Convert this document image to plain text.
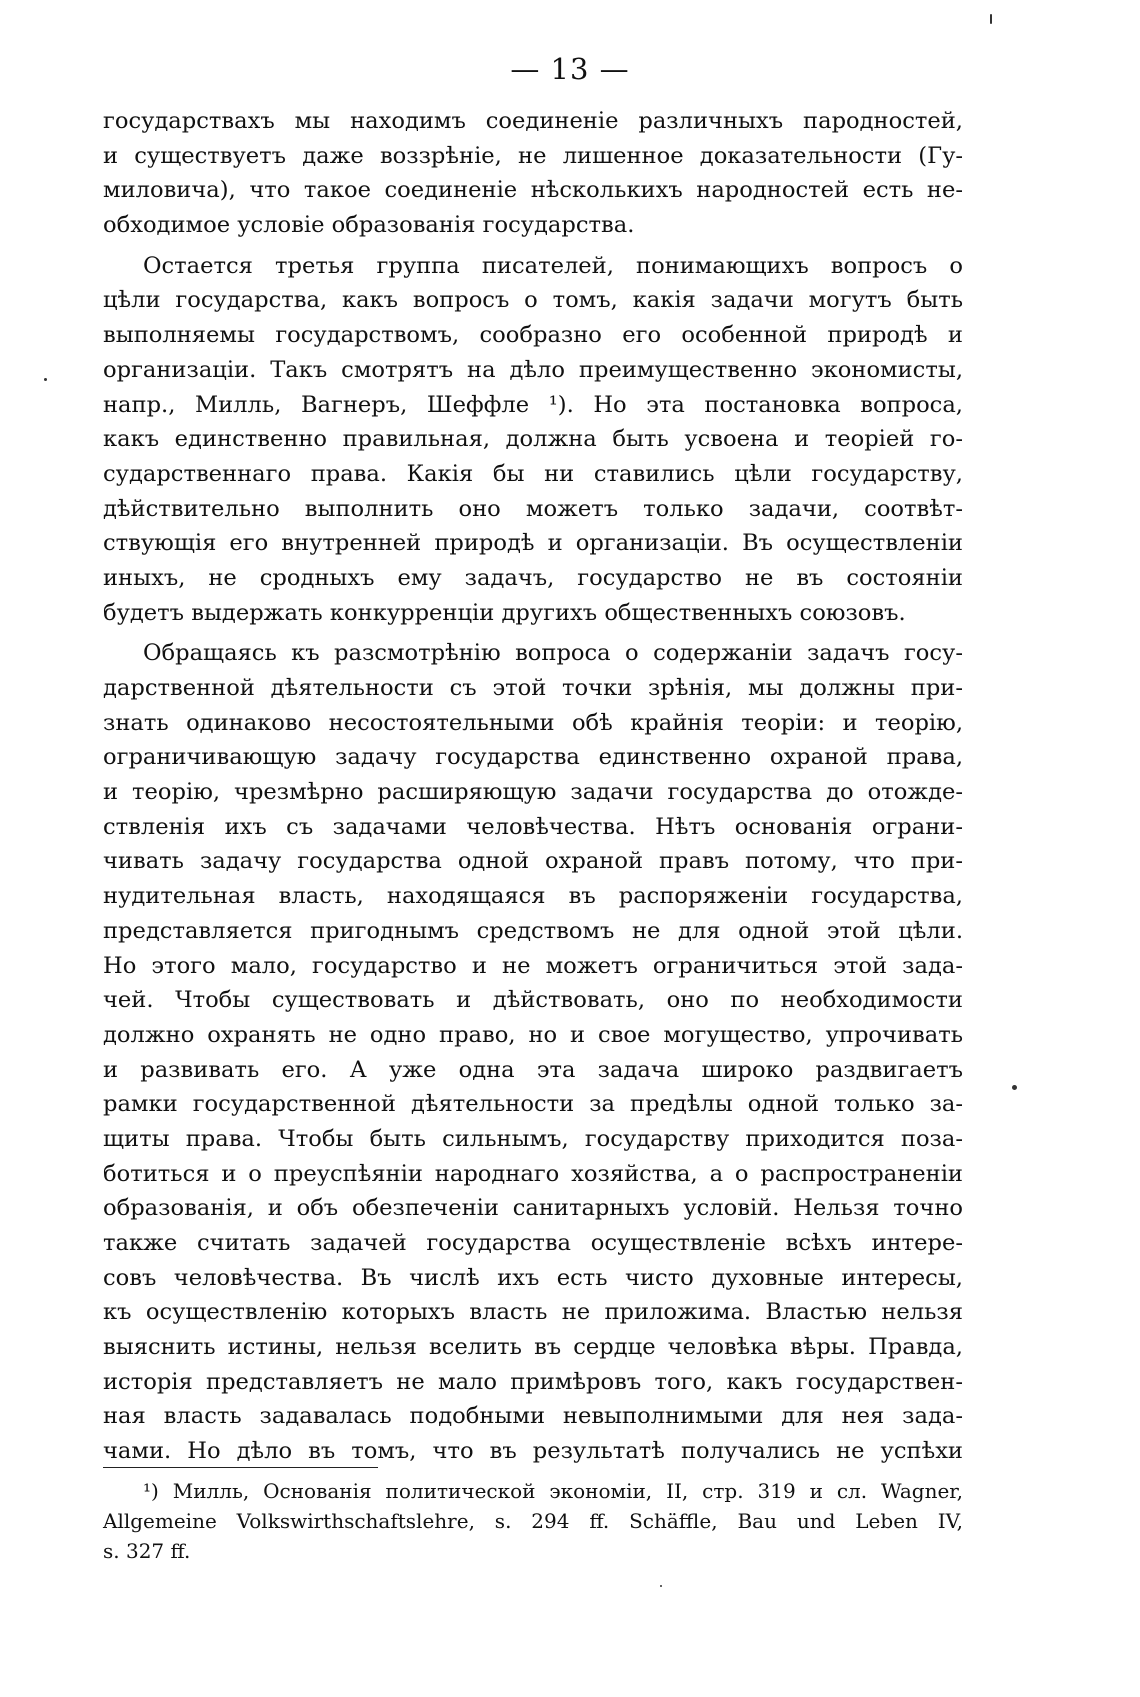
— 13 —
государствахъ мы находимъ соединеніе различныхъ пародностей,
и существуетъ даже воззрѣніе, не лишенное доказательности (Гу-
миловича), что такое соединеніе нѣсколькихъ народностей есть не-
обходимое условіе образованія государства.
Остается третья группа писателей, понимающихъ вопросъ о
цѣли государства, какъ вопросъ о томъ, какія задачи могутъ быть
выполняемы государствомъ, сообразно его особенной природѣ и
организаціи. Такъ смотрятъ на дѣло преимущественно экономисты,
напр., Милль, Вагнеръ, Шеффле ¹). Но эта постановка вопроса,
какъ единственно правильная, должна быть усвоена и теоріей го-
сударственнаго права. Какія бы ни ставились цѣли государству,
дѣйствительно выполнить оно можетъ только задачи, соотвѣт-
ствующія его внутренней природѣ и организаціи. Въ осуществленіи
иныхъ, не сродныхъ ему задачъ, государство не въ состояніи
будетъ выдержать конкурренціи другихъ общественныхъ союзовъ.
Обращаясь къ разсмотрѣнію вопроса о содержаніи задачъ госу-
дарственной дѣятельности съ этой точки зрѣнія, мы должны при-
знать одинаково несостоятельными обѣ крайнія теоріи: и теорію,
ограничивающую задачу государства единственно охраной права,
и теорію, чрезмѣрно расширяющую задачи государства до отожде-
ствленія ихъ съ задачами человѣчества. Нѣтъ основанія ограни-
чивать задачу государства одной охраной правъ потому, что при-
нудительная власть, находящаяся въ распоряженіи государства,
представляется пригоднымъ средствомъ не для одной этой цѣли.
Но этого мало, государство и не можетъ ограничиться этой зада-
чей. Чтобы существовать и дѣйствовать, оно по необходимости
должно охранять не одно право, но и свое могущество, упрочивать
и развивать его. А уже одна эта задача широко раздвигаетъ
рамки государственной дѣятельности за предѣлы одной только за-
щиты права. Чтобы быть сильнымъ, государству приходится поза-
ботиться и о преуспѣяніи народнаго хозяйства, а о распространеніи
образованія, и объ обезпеченіи санитарныхъ условій. Нельзя точно
также считать задачей государства осуществленіе всѣхъ интере-
совъ человѣчества. Въ числѣ ихъ есть чисто духовные интересы,
къ осуществленію которыхъ власть не приложима. Властью нельзя
выяснить истины, нельзя вселить въ сердце человѣка вѣры. Правда,
исторія представляетъ не мало примѣровъ того, какъ государствен-
ная власть задавалась подобными невыполнимыми для нея зада-
чами. Но дѣло въ томъ, что въ результатѣ получались не успѣхи
¹) Милль, Основанія политической экономіи, II, стр. 319 и сл. Wagner,
Allgemeine Volkswirthschaftslehre, s. 294 ff. Schäffle, Bau und Leben IV,
s. 327 ff.
